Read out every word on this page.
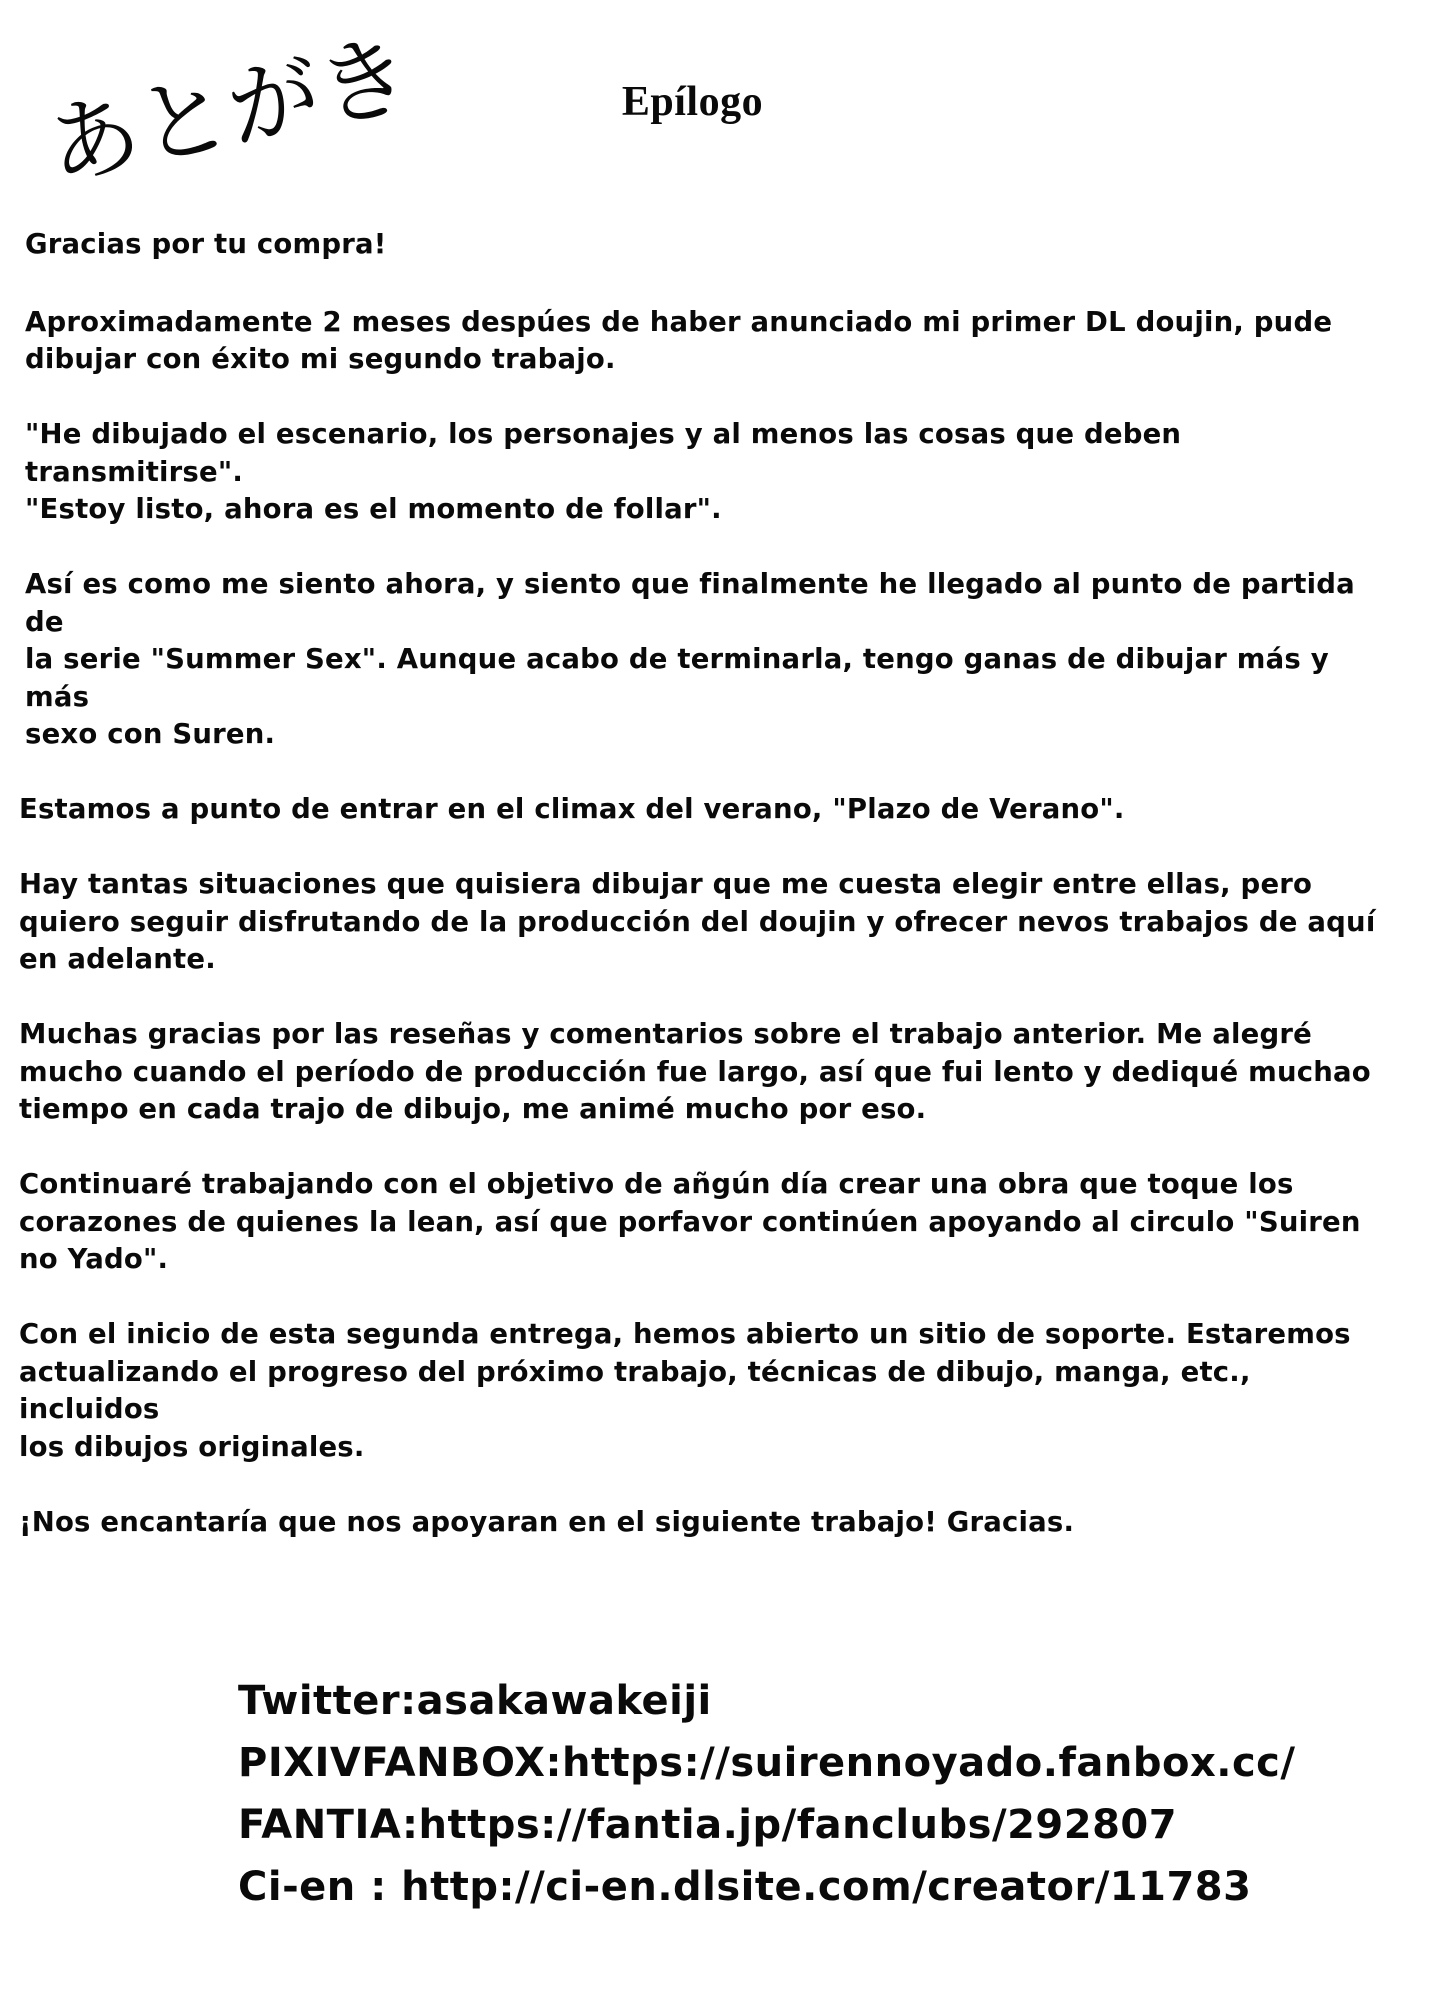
あとがき	Epílogo

Gracias por tu compra!

Aproximadamente 2 meses despúes de haber anunciado mi primer DL doujin, pude
dibujar con éxito mi segundo trabajo.

"He dibujado el escenario, los personajes y al menos las cosas que deben transmitirse".
"Estoy listo, ahora es el momento de follar".

Así es como me siento ahora, y siento que finalmente he llegado al punto de partida de
la serie "Summer Sex". Aunque acabo de terminarla, tengo ganas de dibujar más y más
sexo con Suren.

Estamos a punto de entrar en el climax del verano, "Plazo de Verano".

Hay tantas situaciones que quisiera dibujar que me cuesta elegir entre ellas, pero
quiero seguir disfrutando de la producción del doujin y ofrecer nevos trabajos de aquí
en adelante.

Muchas gracias por las reseñas y comentarios sobre el trabajo anterior. Me alegré
mucho cuando el período de producción fue largo, así que fui lento y dediqué muchao
tiempo en cada trajo de dibujo, me animé mucho por eso.

Continuaré trabajando con el objetivo de añgún día crear una obra que toque los
corazones de quienes la lean, así que porfavor continúen apoyando al circulo "Suiren
no Yado".

Con el inicio de esta segunda entrega, hemos abierto un sitio de soporte. Estaremos
actualizando el progreso del próximo trabajo, técnicas de dibujo, manga, etc., incluidos
los dibujos originales.

¡Nos encantaría que nos apoyaran en el siguiente trabajo! Gracias.

Twitter:asakawakeiji
PIXIVFANBOX:https://suirennoyado.fanbox.cc/
FANTIA:https://fantia.jp/fanclubs/292807
Ci-en : http://ci-en.dlsite.com/creator/11783
